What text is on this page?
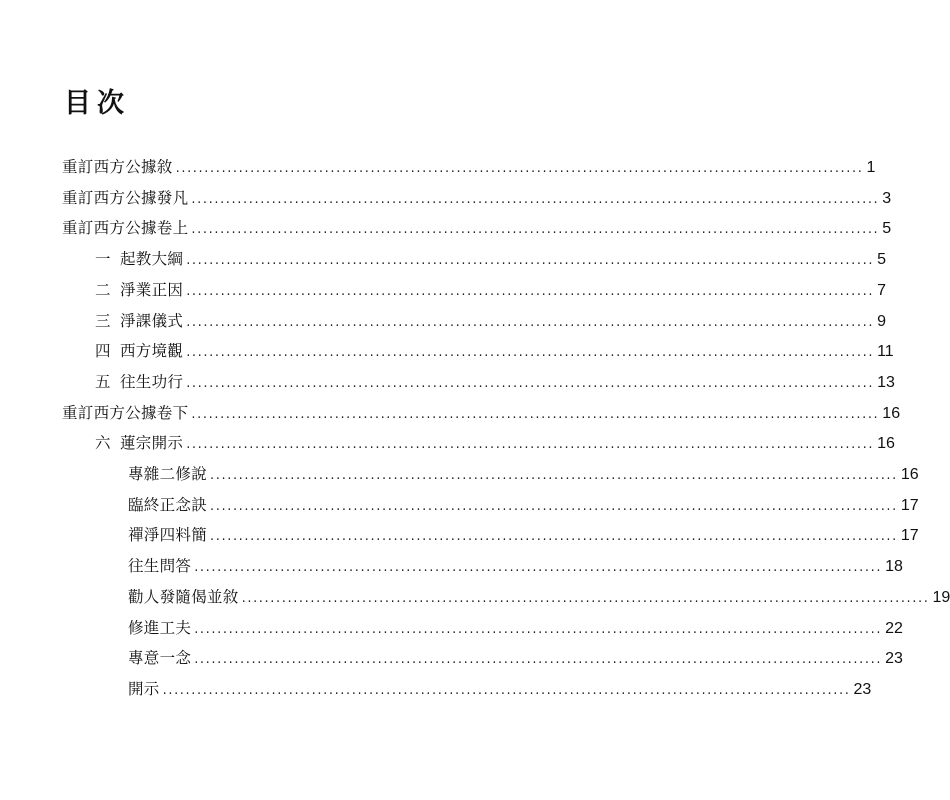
目次
重訂西方公據敘 ........................................................................................................................ 1
重訂西方公據發凡 ........................................................................................................................ 3
重訂西方公據卷上 ........................................................................................................................ 5
一 起教大綱 ........................................................................................................................ 5
二 淨業正因 ........................................................................................................................ 7
三 淨課儀式 ........................................................................................................................ 9
四 西方境觀 ........................................................................................................................ 11
五 往生功行 ........................................................................................................................ 13
重訂西方公據卷下 ........................................................................................................................ 16
六 蓮宗開示 ........................................................................................................................ 16
專雜二修說 ........................................................................................................................ 16
臨終正念訣 ........................................................................................................................ 17
禪淨四料簡 ........................................................................................................................ 17
往生問答 ........................................................................................................................ 18
勸人發隨偈並敘 ........................................................................................................................ 19
修進工夫 ........................................................................................................................ 22
專意一念 ........................................................................................................................ 23
開示 ........................................................................................................................ 23
